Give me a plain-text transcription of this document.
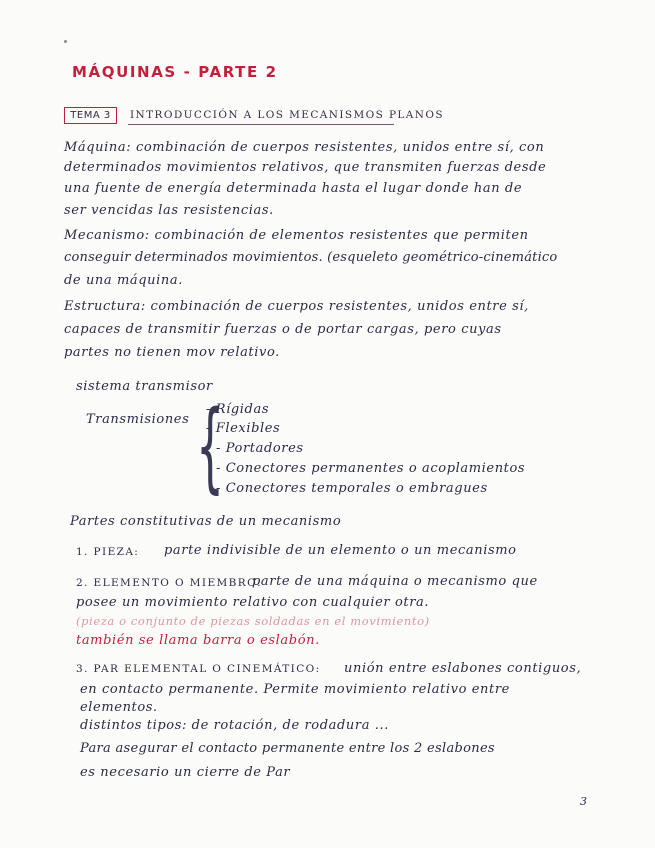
MÁQUINAS - PARTE 2
TEMA 3	INTRODUCCIÓN A LOS MECANISMOS PLANOS
Máquina: combinación de cuerpos resistentes, unidos entre sí, con
determinados movimientos relativos, que transmiten fuerzas desde
una fuente de energía determinada hasta el lugar donde han de
ser vencidas las resistencias.
Mecanismo: combinación de elementos resistentes que permiten
conseguir determinados movimientos. (esqueleto geométrico-cinemático
de una máquina.
Estructura: combinación de cuerpos resistentes, unidos entre sí,
capaces de transmitir fuerzas o de portar cargas, pero cuyas
partes no tienen mov relativo.
sistema transmisor
Transmisiones {
- Rígidas
- Flexibles
- Portadores
- Conectores permanentes o acoplamientos
- Conectores temporales o embragues
Partes constitutivas de un mecanismo
1. PIEZA: parte indivisible de un elemento o un mecanismo
2. ELEMENTO O MIEMBRO:
parte de una máquina o mecanismo que
posee un movimiento relativo con cualquier otra.
(pieza o conjunto de piezas soldadas en el movimiento)
también se llama barra o eslabón.
3. PAR ELEMENTAL O CINEMÁTICO: unión entre eslabones contiguos,
en contacto permanente. Permite movimiento relativo entre
elementos.
distintos tipos: de rotación, de rodadura ...
Para asegurar el contacto permanente entre los 2 eslabones
es necesario un cierre de Par
3
